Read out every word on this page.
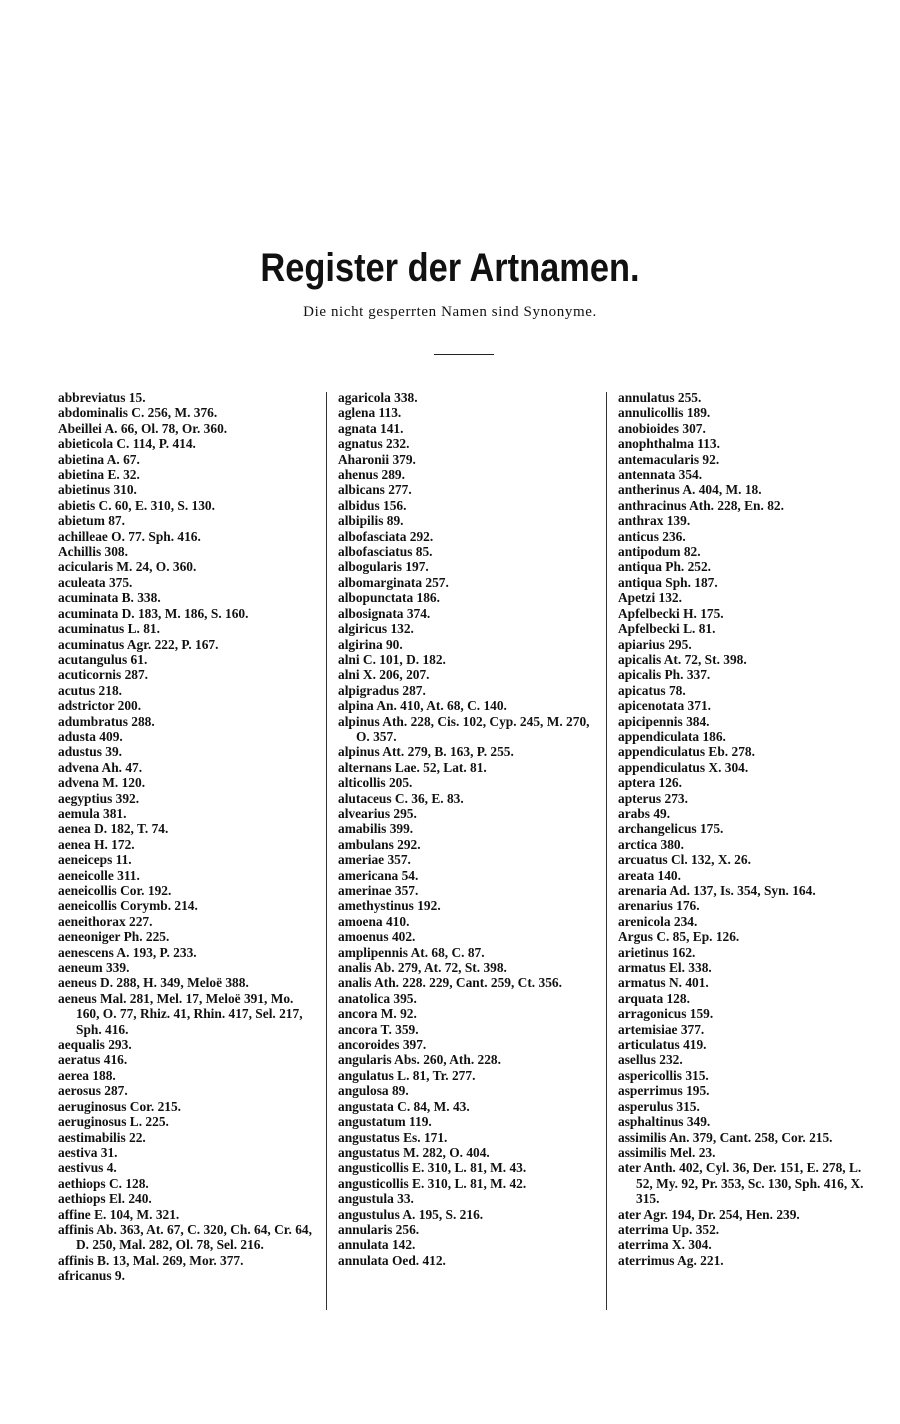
Register der Artnamen.
Die nicht gesperrten Namen sind Synonyme.
abbreviatus 15.
abdominalis C. 256, M. 376.
Abeillei A. 66, Ol. 78, Or. 360.
abieticola C. 114, P. 414.
abietina A. 67.
abietina E. 32.
abietinus 310.
abietis C. 60, E. 310, S. 130.
abietum 87.
achilleae O. 77. Sph. 416.
Achillis 308.
acicularis M. 24, O. 360.
aculeata 375.
acuminata B. 338.
acuminata D. 183, M. 186, S. 160.
acuminatus L. 81.
acuminatus Agr. 222, P. 167.
acutangulus 61.
acuticornis 287.
acutus 218.
adstrictor 200.
adumbratus 288.
adusta 409.
adustus 39.
advena Ah. 47.
advena M. 120.
aegyptius 392.
aemula 381.
aenea D. 182, T. 74.
aenea H. 172.
aeneiceps 11.
aeneicolle 311.
aeneicollis Cor. 192.
aeneicollis Corymb. 214.
aeneithorax 227.
aeneoniger Ph. 225.
aenescens A. 193, P. 233.
aeneum 339.
aeneus D. 288, H. 349, Meloë 388.
aeneus Mal. 281, Mel. 17, Meloë 391, Mo. 160, O. 77, Rhiz. 41, Rhin. 417, Sel. 217, Sph. 416.
aequalis 293.
aeratus 416.
aerea 188.
aerosus 287.
aeruginosus Cor. 215.
aeruginosus L. 225.
aestimabilis 22.
aestiva 31.
aestivus 4.
aethiops C. 128.
aethiops El. 240.
affine E. 104, M. 321.
affinis Ab. 363, At. 67, C. 320, Ch. 64, Cr. 64, D. 250, Mal. 282, Ol. 78, Sel. 216.
affinis B. 13, Mal. 269, Mor. 377.
africanus 9.
agaricola 338.
aglena 113.
agnata 141.
agnatus 232.
Aharonii 379.
ahenus 289.
albicans 277.
albidus 156.
albipilis 89.
albofasciata 292.
albofasciatus 85.
albogularis 197.
albomarginata 257.
albopunctata 186.
albosignata 374.
algiricus 132.
algirina 90.
alni C. 101, D. 182.
alni X. 206, 207.
alpigradus 287.
alpina An. 410, At. 68, C. 140.
alpinus Ath. 228, Cis. 102, Cyp. 245, M. 270, O. 357.
alpinus Att. 279, B. 163, P. 255.
alternans Lae. 52, Lat. 81.
alticollis 205.
alutaceus C. 36, E. 83.
alvearius 295.
amabilis 399.
ambulans 292.
ameriae 357.
americana 54.
amerinae 357.
amethystinus 192.
amoena 410.
amoenus 402.
amplipennis At. 68, C. 87.
analis Ab. 279, At. 72, St. 398.
analis Ath. 228. 229, Cant. 259, Ct. 356.
anatolica 395.
ancora M. 92.
ancora T. 359.
ancoroides 397.
angularis Abs. 260, Ath. 228.
angulatus L. 81, Tr. 277.
angulosa 89.
angustata C. 84, M. 43.
angustatum 119.
angustatus Es. 171.
angustatus M. 282, O. 404.
angusticollis E. 310, L. 81, M. 43.
angusticollis E. 310, L. 81, M. 42.
angustula 33.
angustulus A. 195, S. 216.
annularis 256.
annulata 142.
annulata Oed. 412.
annulatus 255.
annulicollis 189.
anobioides 307.
anophthalma 113.
antemacularis 92.
antennata 354.
antherinus A. 404, M. 18.
anthracinus Ath. 228, En. 82.
anthrax 139.
anticus 236.
antipodum 82.
antiqua Ph. 252.
antiqua Sph. 187.
Apetzi 132.
Apfelbecki H. 175.
Apfelbecki L. 81.
apiarius 295.
apicalis At. 72, St. 398.
apicalis Ph. 337.
apicatus 78.
apicenotata 371.
apicipennis 384.
appendiculata 186.
appendiculatus Eb. 278.
appendiculatus X. 304.
aptera 126.
apterus 273.
arabs 49.
archangelicus 175.
arctica 380.
arcuatus Cl. 132, X. 26.
areata 140.
arenaria Ad. 137, Is. 354, Syn. 164.
arenarius 176.
arenicola 234.
Argus C. 85, Ep. 126.
arietinus 162.
armatus El. 338.
armatus N. 401.
arquata 128.
arragonicus 159.
artemisiae 377.
articulatus 419.
asellus 232.
aspericollis 315.
asperrimus 195.
asperulus 315.
asphaltinus 349.
assimilis An. 379, Cant. 258, Cor. 215.
assimilis Mel. 23.
ater Anth. 402, Cyl. 36, Der. 151, E. 278, L. 52, My. 92, Pr. 353, Sc. 130, Sph. 416, X. 315.
ater Agr. 194, Dr. 254, Hen. 239.
aterrima Up. 352.
aterrima X. 304.
aterrimus Ag. 221.
